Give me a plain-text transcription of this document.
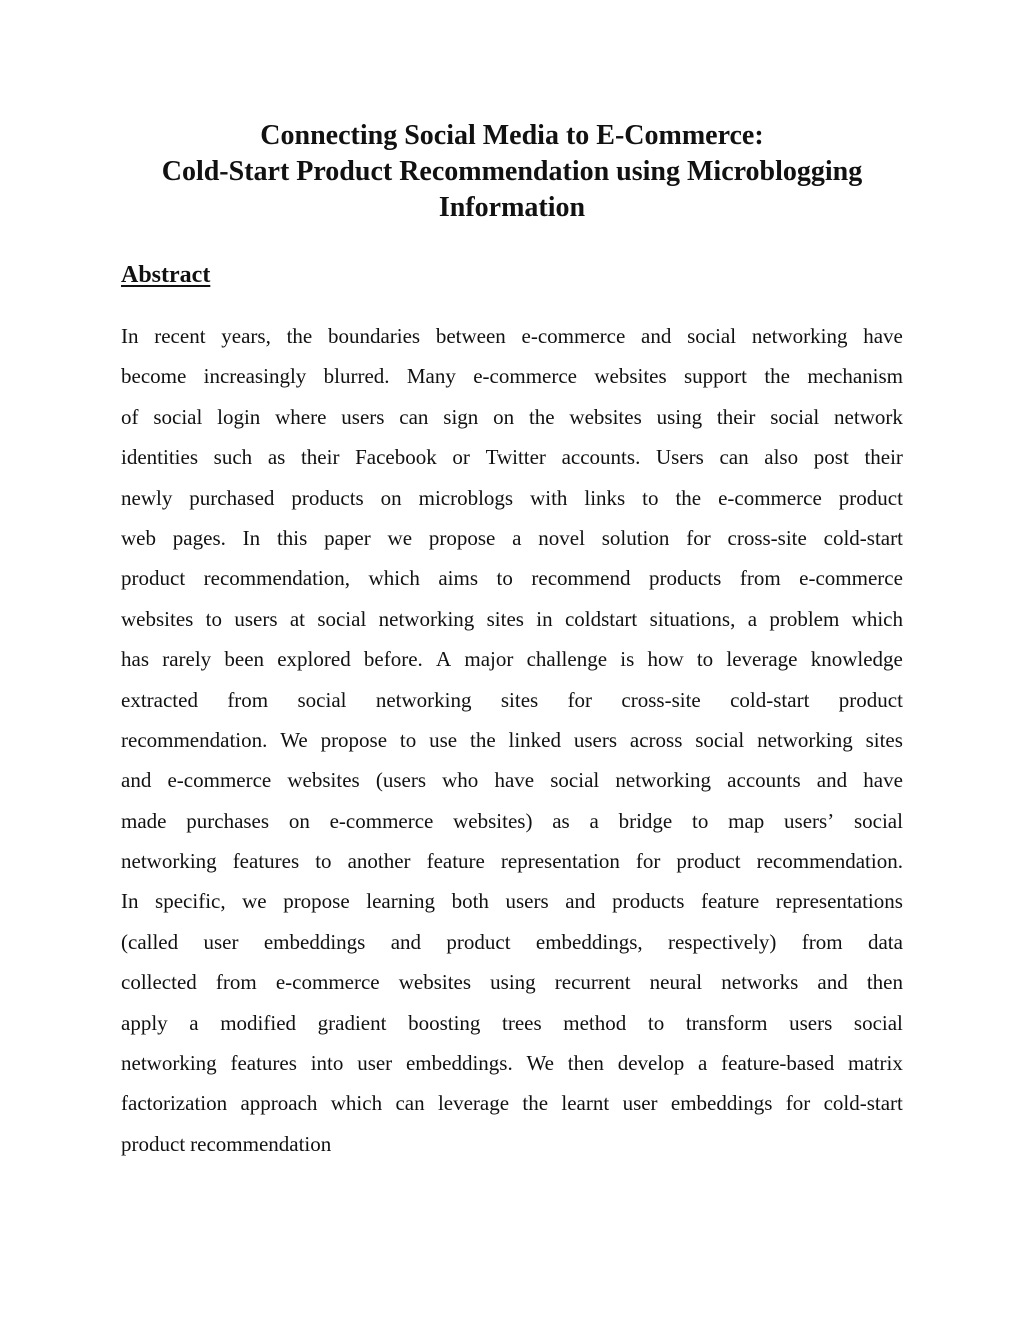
Connecting Social Media to E-Commerce:
Cold-Start Product Recommendation using Microblogging
Information
Abstract
In recent years, the boundaries between e-commerce and social networking have
become increasingly blurred. Many e-commerce websites support the mechanism
of social login where users can sign on the websites using their social network
identities such as their Facebook or Twitter accounts. Users can also post their
newly purchased products on microblogs with links to the e-commerce product
web pages. In this paper we propose a novel solution for cross-site cold-start
product recommendation, which aims to recommend products from e-commerce
websites to users at social networking sites in coldstart situations, a problem which
has rarely been explored before. A major challenge is how to leverage knowledge
extracted from social networking sites for cross-site cold-start product
recommendation. We propose to use the linked users across social networking sites
and e-commerce websites (users who have social networking accounts and have
made purchases on e-commerce websites) as a bridge to map users’ social
networking features to another feature representation for product recommendation.
In specific, we propose learning both users and products feature representations
(called user embeddings and product embeddings, respectively) from data
collected from e-commerce websites using recurrent neural networks and then
apply a modified gradient boosting trees method to transform users social
networking features into user embeddings. We then develop a feature-based matrix
factorization approach which can leverage the learnt user embeddings for cold-start
product recommendation
